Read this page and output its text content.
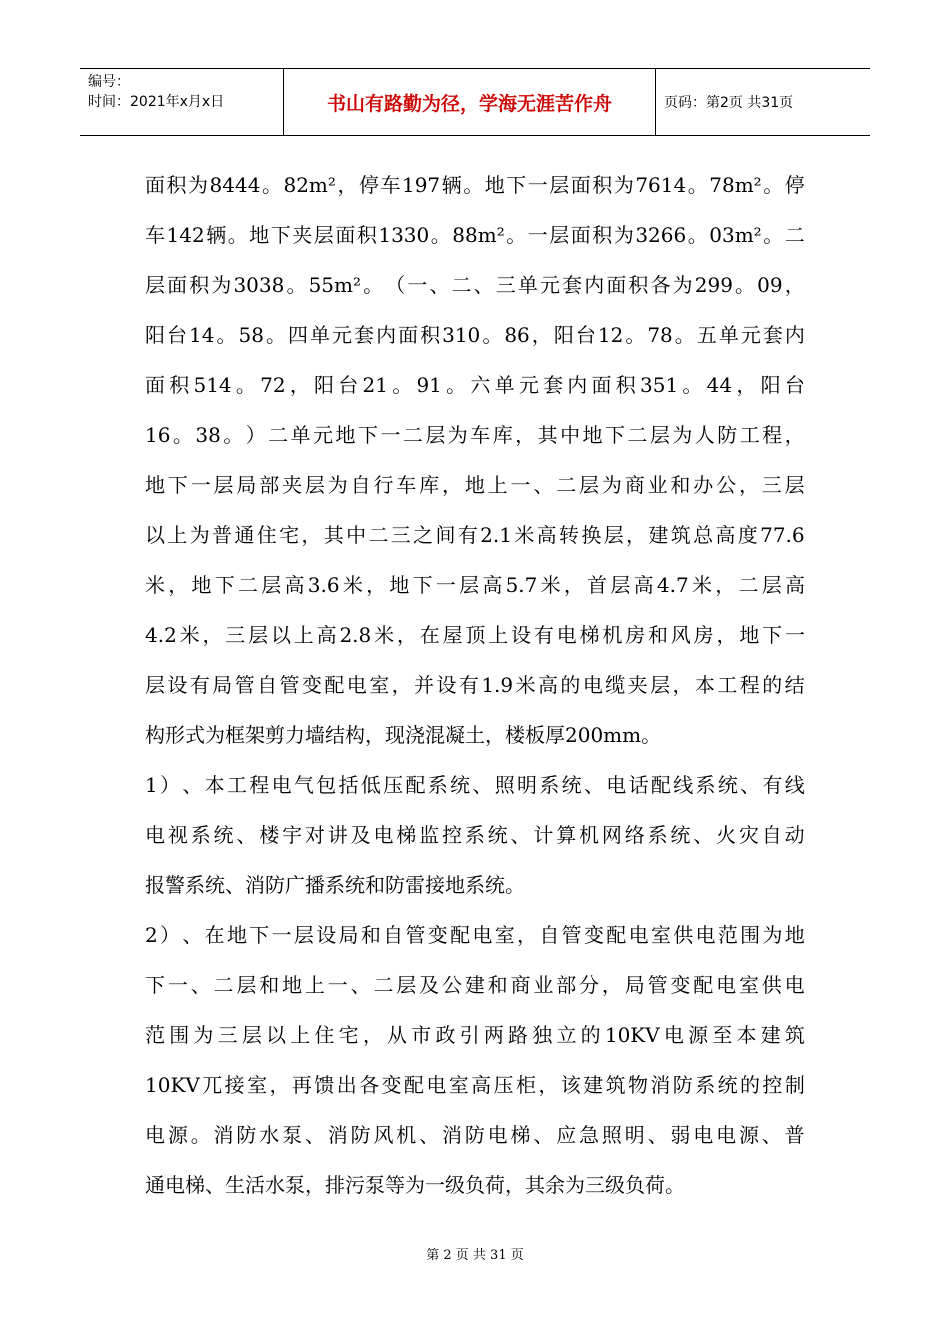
编号：
时间：2021年x月x日	书山有路勤为径，学海无涯苦作舟	页码：第2页 共31页
面 积 为 8444 。 82m² ， 停 车 197 辆 。 地 下 一 层 面 积 为 7614 。 78m² 。 停
车 142 辆 。 地 下 夹 层 面 积 1330 。 88m² 。 一 层 面 积 为 3266 。 03m² 。 二
层 面 积 为 3038 。 55m² 。 （ 一 、 二 、 三 单 元 套 内 面 积 各 为 299 。 09 ，
阳 台 14 。 58 。 四 单 元 套 内 面 积 310 。 86 ， 阳 台 12 。 78 。 五 单 元 套 内
面 积 514 。 72 ， 阳 台 21 。 91 。 六 单 元 套 内 面 积 351 。 44 ， 阳 台
16 。 38 。 ） 二 单 元 地 下 一 二 层 为 车 库 ， 其 中 地 下 二 层 为 人 防 工 程 ，
地 下 一 层 局 部 夹 层 为 自 行 车 库 ， 地 上 一 、 二 层 为 商 业 和 办 公 ， 三 层
以 上 为 普 通 住 宅 ， 其 中 二 三 之 间 有 2.1 米 高 转 换 层 ， 建 筑 总 高 度 77.6
米 ， 地 下 二 层 高 3.6 米 ， 地 下 一 层 高 5.7 米 ， 首 层 高 4.7 米 ， 二 层 高
4.2 米 ， 三 层 以 上 高 2.8 米 ， 在 屋 顶 上 设 有 电 梯 机 房 和 风 房 ， 地 下 一
层 设 有 局 管 自 管 变 配 电 室 ， 并 设 有 1.9 米 高 的 电 缆 夹 层 ， 本 工 程 的 结
构形式为框架剪力墙结构，现浇混凝土，楼板厚200mm。
1 ） 、 本 工 程 电 气 包 括 低 压 配 系 统 、 照 明 系 统 、 电 话 配 线 系 统 、 有 线
电 视 系 统 、 楼 宇 对 讲 及 电 梯 监 控 系 统 、 计 算 机 网 络 系 统 、 火 灾 自 动
报警系统、消防广播系统和防雷接地系统。
2 ） 、 在 地 下 一 层 设 局 和 自 管 变 配 电 室 ， 自 管 变 配 电 室 供 电 范 围 为 地
下 一 、 二 层 和 地 上 一 、 二 层 及 公 建 和 商 业 部 分 ， 局 管 变 配 电 室 供 电
范 围 为 三 层 以 上 住 宅 ， 从 市 政 引 两 路 独 立 的 10KV 电 源 至 本 建 筑
10KV 兀 接 室 ， 再 馈 出 各 变 配 电 室 高 压 柜 ， 该 建 筑 物 消 防 系 统 的 控 制
电 源 。 消 防 水 泵 、 消 防 风 机 、 消 防 电 梯 、 应 急 照 明 、 弱 电 电 源 、 普
通电梯、生活水泵，排污泵等为一级负荷，其余为三级负荷。
第 2 页 共 31 页
